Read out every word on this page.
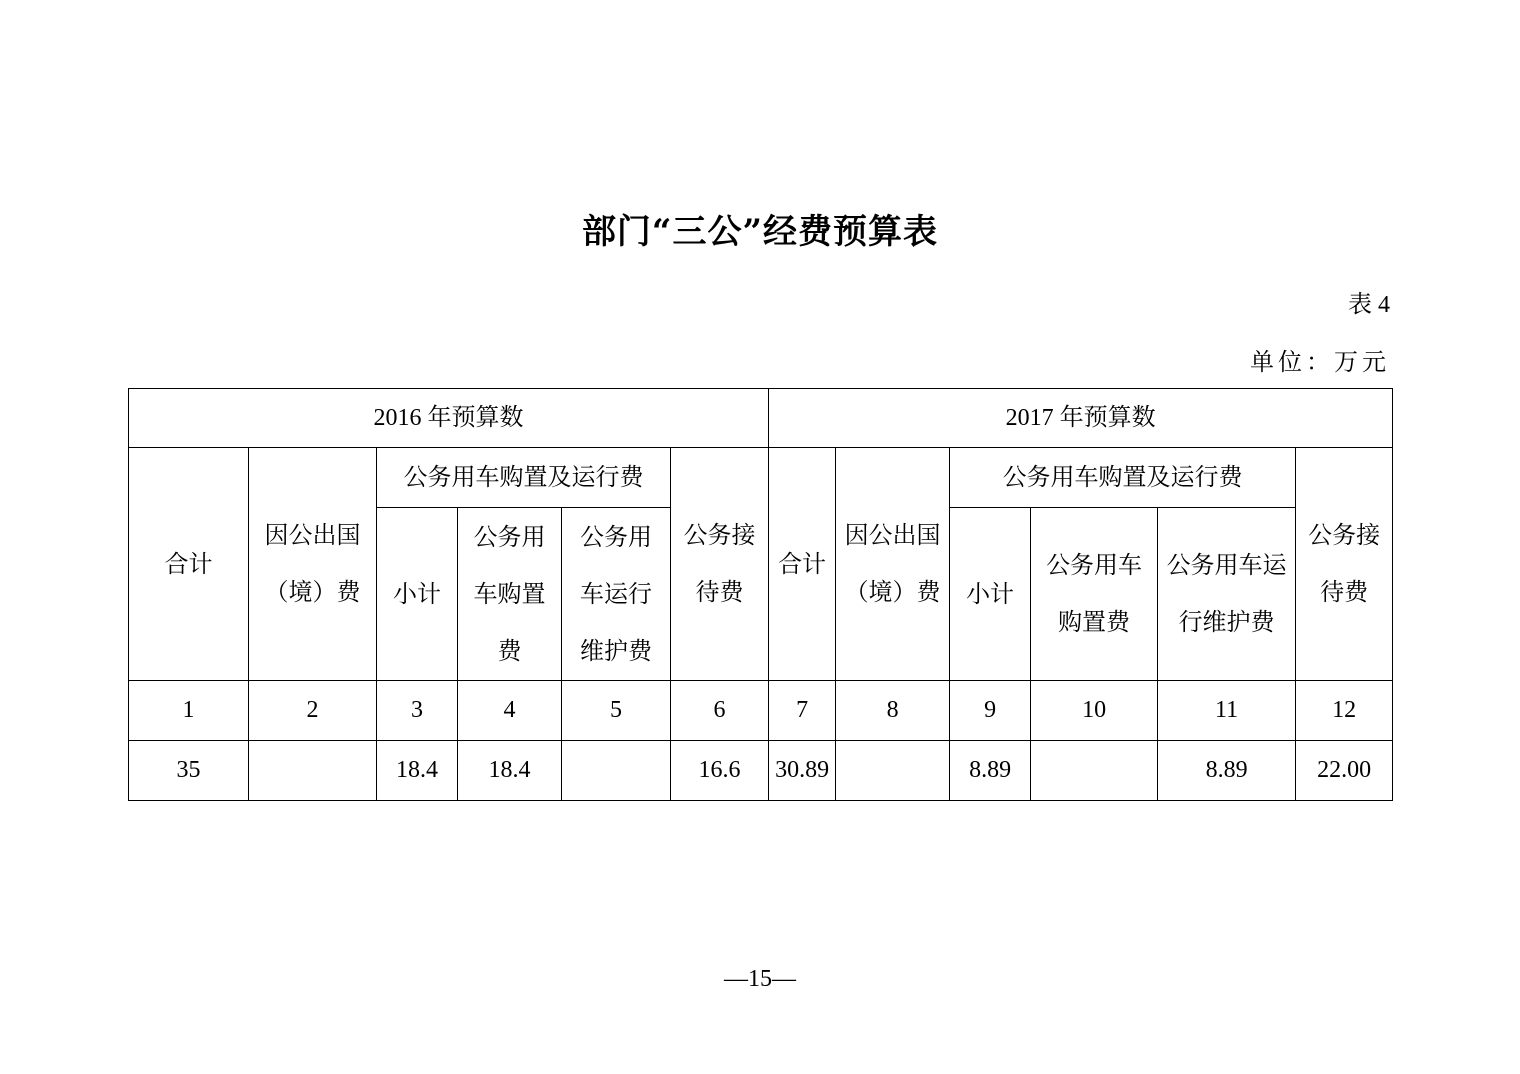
部门“三公”经费预算表
表 4
单位：万元
2016 年预算数						2017 年预算数					
合计	因公出国（境）费	公务用车购置及运行费			公务接待费	合计	因公出国（境）费	公务用车购置及运行费			公务接待费

		小计	公务用车购置费	公务用车运行维护费				小计	公务用车购置费	公务用车运行维护费	

1	2	3	4	5	6	7	8	9	10	11	12
35		18.4	18.4		16.6	30.89		8.89		8.89	22.00
—15—
